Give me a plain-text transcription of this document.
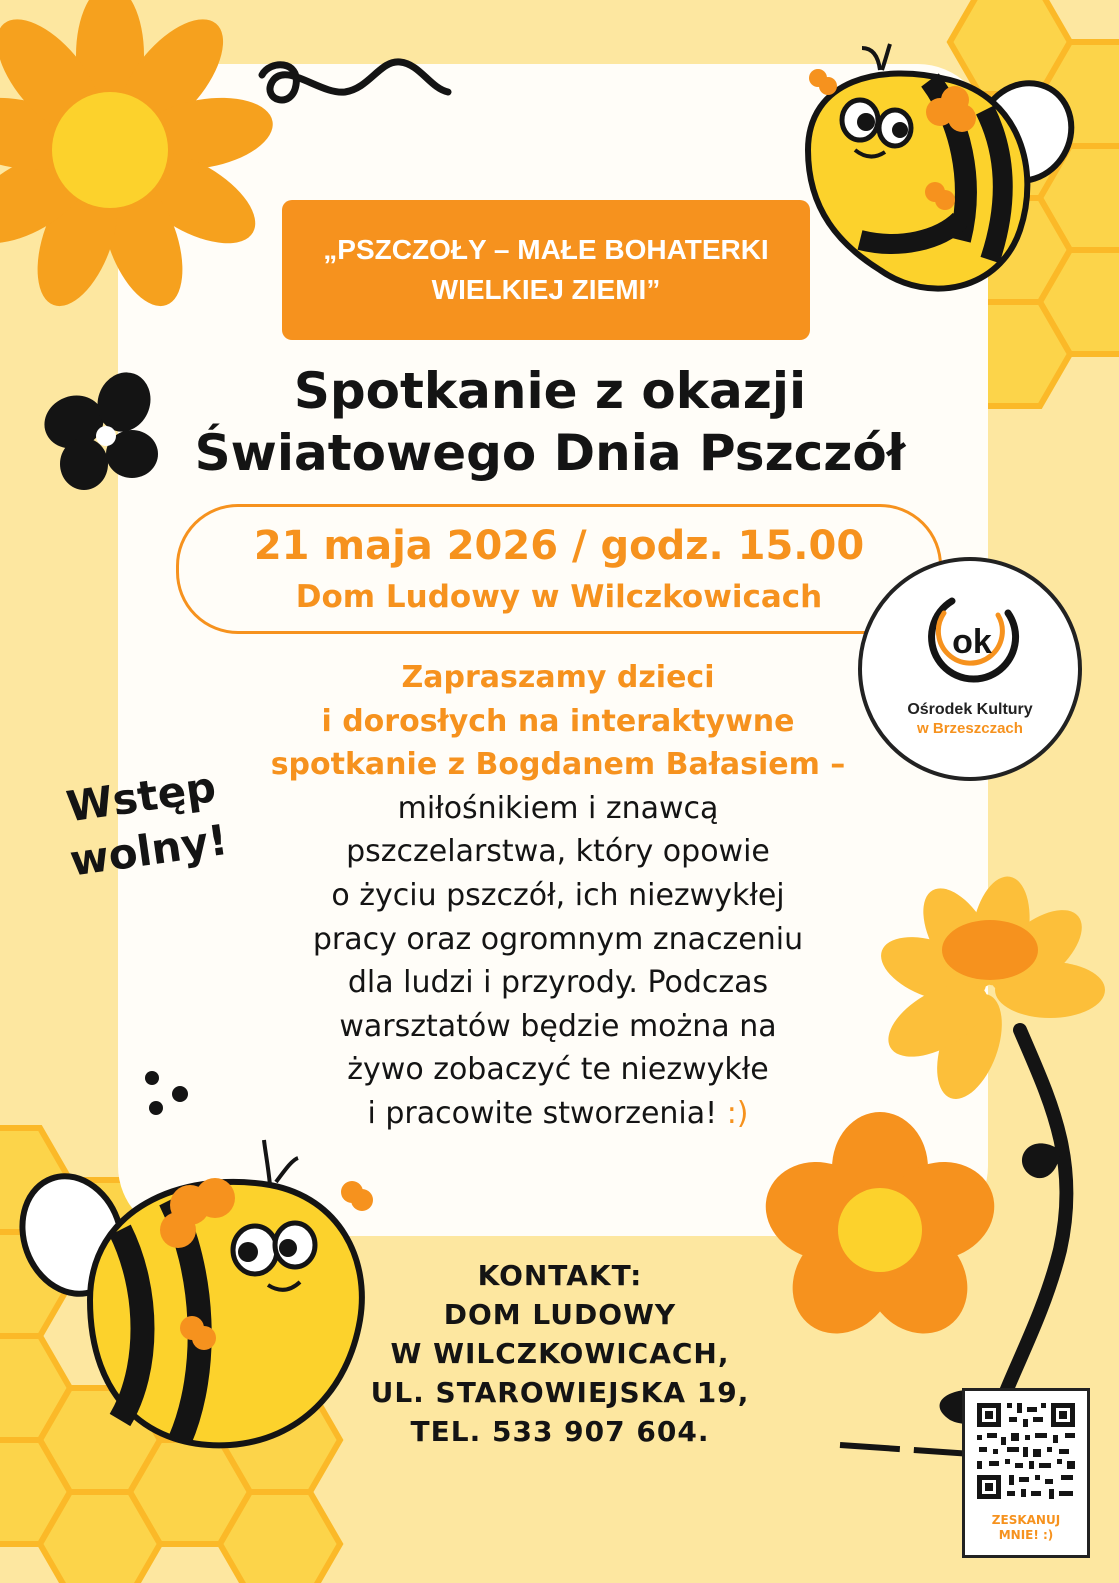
„PSZCZOŁY – MAŁE BOHATERKI
WIELKIEJ ZIEMI”
Spotkanie z okazji
Światowego Dnia Pszczół
21 maja 2026 / godz. 15.00
Dom Ludowy w Wilczkowicach
ok
Ośrodek Kultury
w Brzeszczach
Wstęp
wolny!
Zapraszamy dzieci
i dorosłych na interaktywne
spotkanie z Bogdanem Bałasiem –
miłośnikiem i znawcą
pszczelarstwa, który opowie
o życiu pszczół, ich niezwykłej
pracy oraz ogromnym znaczeniu
dla ludzi i przyrody. Podczas
warsztatów będzie można na
żywo zobaczyć te niezwykłe
i pracowite stworzenia! :)
KONTAKT:
DOM LUDOWY
W WILCZKOWICACH,
UL. STAROWIEJSKA 19,
TEL. 533 907 604.
ZESKANUJ
MNIE! :)
